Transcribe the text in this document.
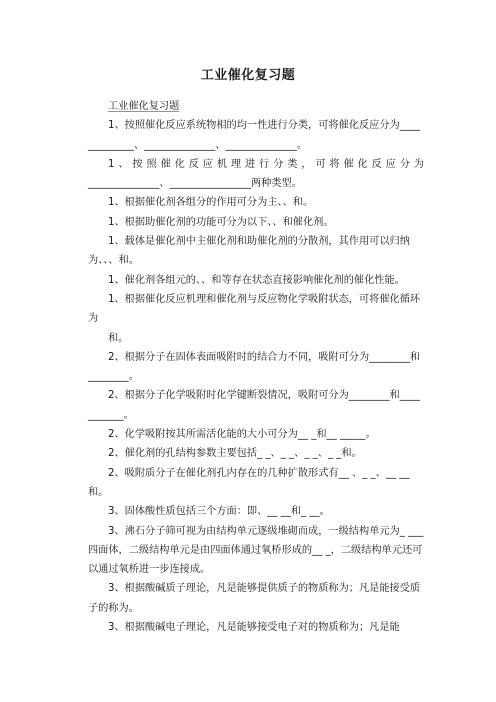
工业催化复习题

工业催化复习题

1、按照催化反应系统物相的均一性进行分类，可将催化反应分为____ _________、______________、______________。

1、按照催化反应机理进行分类，可将催化反应分为

______________、________________两种类型。

1、根据催化剂各组分的作用可分为主、、和。

1、根据助催化剂的功能可分为以下、、和催化剂。

1、载体是催化剂中主催化剂和助催化剂的分散剂，其作用可以归纳为、、、和。

1、催化剂各组元的、、和等存在状态直接影响催化剂的催化性能。

1、根据催化反应机理和催化剂与反应物化学吸附状态，可将催化循环为

和。

2、根据分子在固体表面吸附时的结合力不同，吸附可分为________和________。

2、根据分子化学吸附时化学键断裂情况，吸附可分为________和___________。

2、化学吸附按其所需活化能的大小可分为__ _和__ _____。

2、催化剂的孔结构参数主要包括_ _、_ _、_ _、_ _和。

2、吸附质分子在催化剂孔内存在的几种扩散形式有__ 、_ _、__ __和。

3、固体酸性质包括三个方面：即、__ __和_ __。

3、沸石分子筛可视为由结构单元逐级堆砌而成，一级结构单元为_ ___四面体，二级结构单元是由四面体通过氧桥形成的__ _，二级结构单元还可以通过氧桥进一步连接成。

3、根据酸碱质子理论，凡是能够提供质子的物质称为；凡是能接受质子的称为。

3、根据酸碱电子理论，凡是能够接受电子对的物质称为；凡是能
